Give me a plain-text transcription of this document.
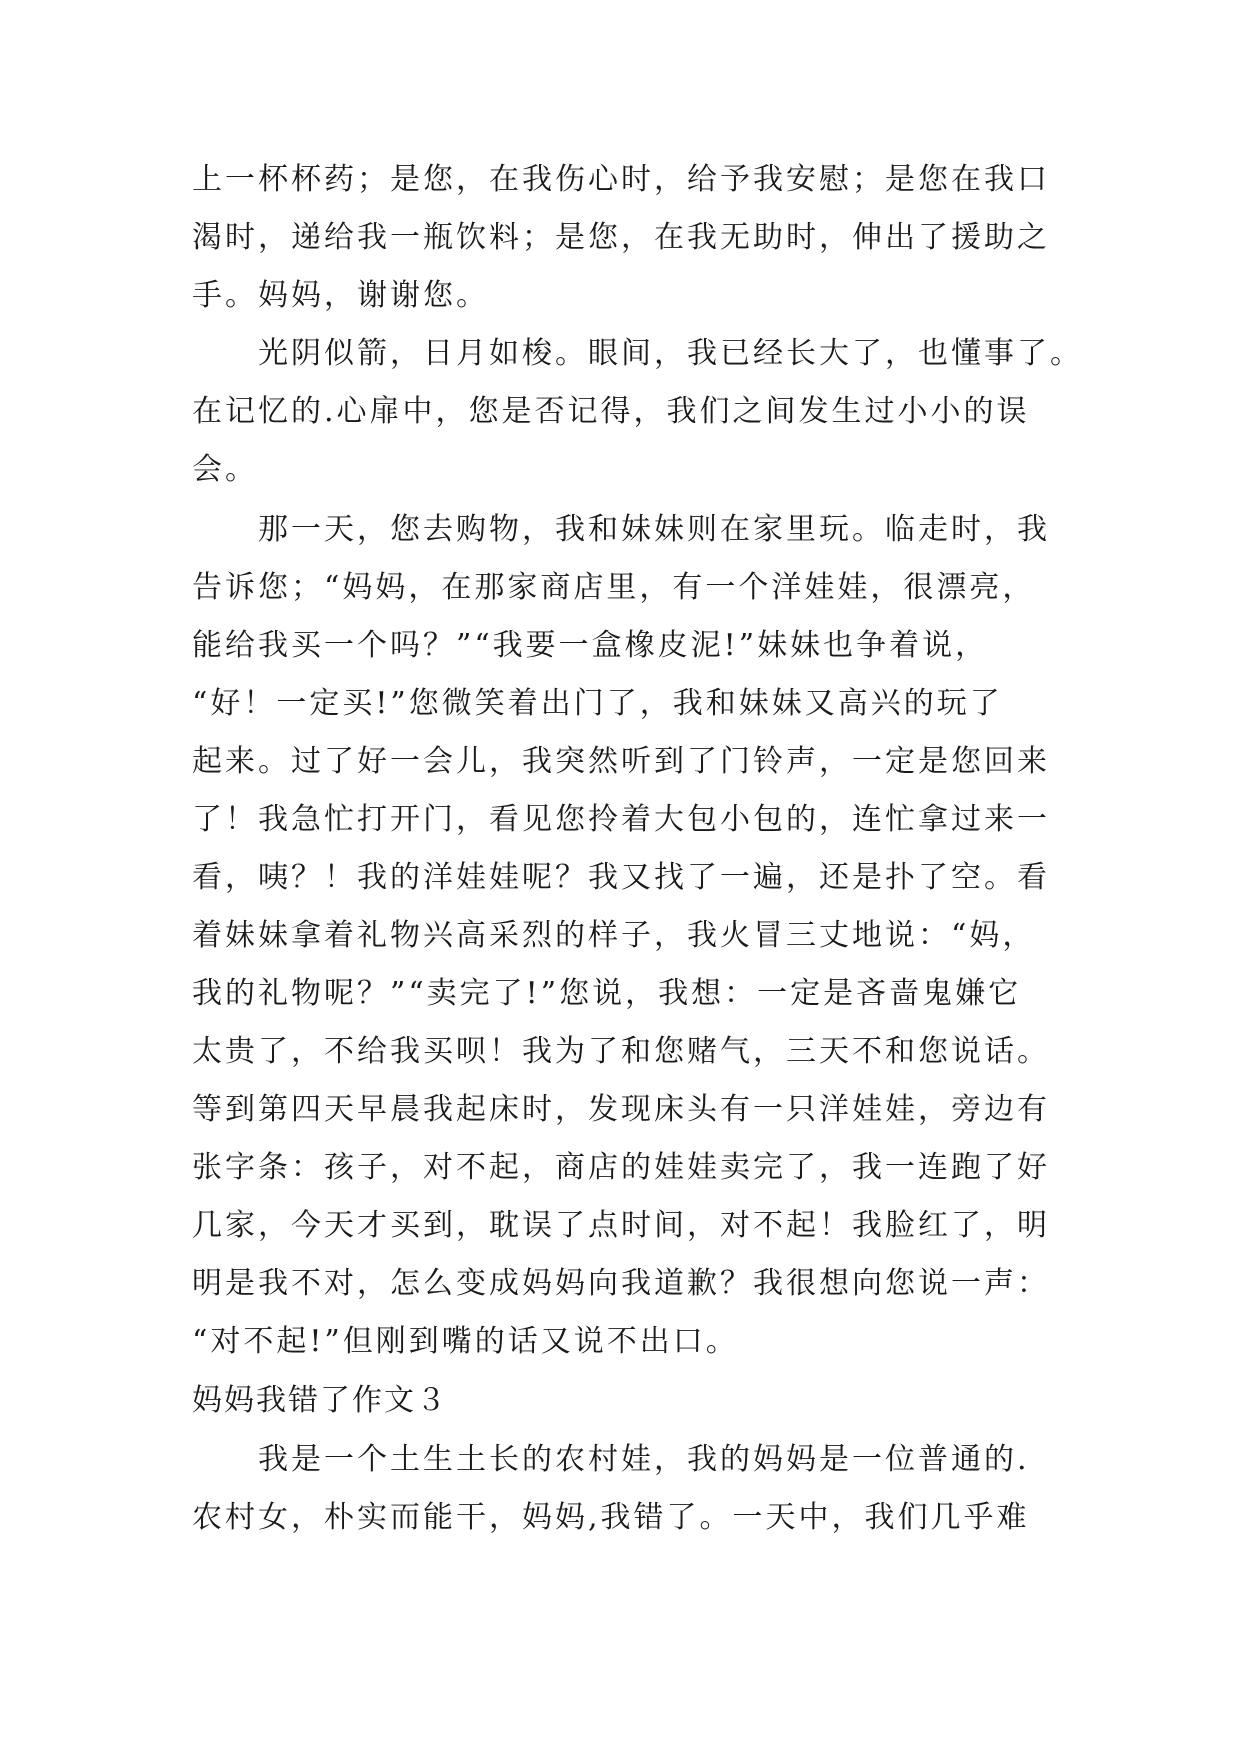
上一杯杯药；是您，在我伤心时，给予我安慰；是您在我口
渴时，递给我一瓶饮料；是您，在我无助时，伸出了援助之
手。妈妈，谢谢您。
　　光阴似箭，日月如梭。眼间，我已经长大了，也懂事了。
在记忆的.心扉中，您是否记得，我们之间发生过小小的误
会。
　　那一天，您去购物，我和妹妹则在家里玩。临走时，我
告诉您；“妈妈，在那家商店里，有一个洋娃娃，很漂亮，
能给我买一个吗？”“我要一盒橡皮泥!”妹妹也争着说，
“好！一定买!”您微笑着出门了，我和妹妹又高兴的玩了
起来。过了好一会儿，我突然听到了门铃声，一定是您回来
了！我急忙打开门，看见您拎着大包小包的，连忙拿过来一
看，咦？！我的洋娃娃呢？我又找了一遍，还是扑了空。看
着妹妹拿着礼物兴高采烈的样子，我火冒三丈地说：“妈，
我的礼物呢？”“卖完了!”您说，我想：一定是吝啬鬼嫌它
太贵了，不给我买呗！我为了和您赌气，三天不和您说话。
等到第四天早晨我起床时，发现床头有一只洋娃娃，旁边有
张字条：孩子，对不起，商店的娃娃卖完了，我一连跑了好
几家，今天才买到，耽误了点时间，对不起！我脸红了，明
明是我不对，怎么变成妈妈向我道歉？我很想向您说一声：
“对不起!”但刚到嘴的话又说不出口。
妈妈我错了作文３
　　我是一个土生土长的农村娃，我的妈妈是一位普通的.
农村女，朴实而能干，妈妈,我错了。一天中，我们几乎难
